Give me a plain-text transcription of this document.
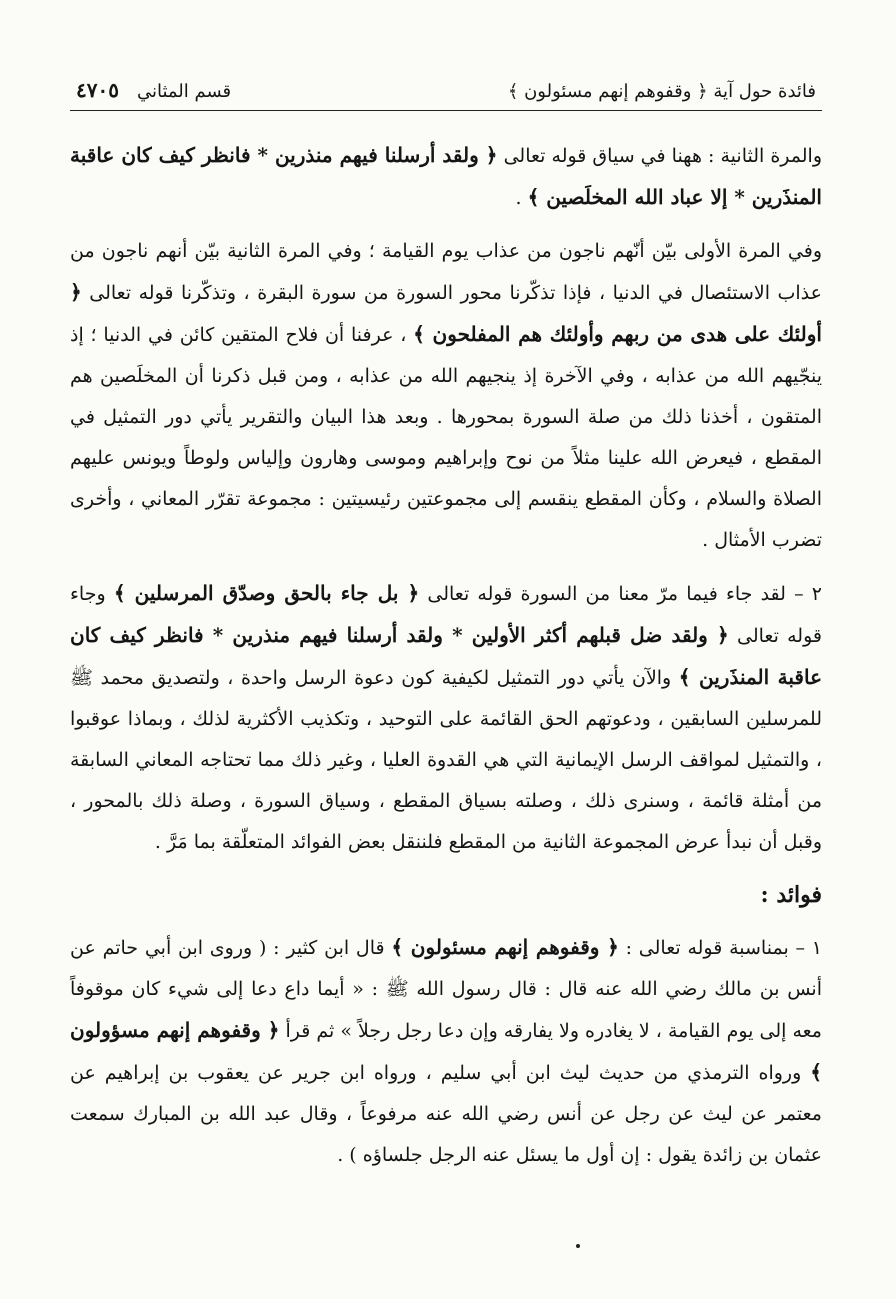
فائدة حول آية ﴿ وقفوهم إنهم مسئولون ﴾
قسم المثاني
٤٧٠٥

والمرة الثانية : ههنا في سياق قوله تعالى ﴿ ولقد أرسلنا فيهم منذرين * فانظر كيف كان عاقبة المنذَرين * إلا عباد الله المخلَصين ﴾ .

وفي المرة الأولى بيّن أنّهم ناجون من عذاب يوم القيامة ؛ وفي المرة الثانية بيّن أنهم ناجون من عذاب الاستئصال في الدنيا ، فإذا تذكّرنا محور السورة من سورة البقرة ، وتذكّرنا قوله تعالى ﴿ أولئك على هدى من ربهم وأولئك هم المفلحون ﴾ ، عرفنا أن فلاح المتقين كائن في الدنيا ؛ إذ ينجّيهم الله من عذابه ، وفي الآخرة إذ ينجيهم الله من عذابه ، ومن قبل ذكرنا أن المخلَصين هم المتقون ، أخذنا ذلك من صلة السورة بمحورها . وبعد هذا البيان والتقرير يأتي دور التمثيل في المقطع ، فيعرض الله علينا مثلاً من نوح وإبراهيم وموسى وهارون وإلياس ولوطاً ويونس عليهم الصلاة والسلام ، وكأن المقطع ينقسم إلى مجموعتين رئيسيتين : مجموعة تقرّر المعاني ، وأخرى تضرب الأمثال .

٢ – لقد جاء فيما مرّ معنا من السورة قوله تعالى ﴿ بل جاء بالحق وصدّق المرسلين ﴾ وجاء قوله تعالى ﴿ ولقد ضل قبلهم أكثر الأولين * ولقد أرسلنا فيهم منذرين * فانظر كيف كان عاقبة المنذَرين ﴾ والآن يأتي دور التمثيل لكيفية كون دعوة الرسل واحدة ، ولتصديق محمد ﷺ للمرسلين السابقين ، ودعوتهم الحق القائمة على التوحيد ، وتكذيب الأكثرية لذلك ، وبماذا عوقبوا ، والتمثيل لمواقف الرسل الإيمانية التي هي القدوة العليا ، وغير ذلك مما تحتاجه المعاني السابقة من أمثلة قائمة ، وسنرى ذلك ، وصلته بسياق المقطع ، وسياق السورة ، وصلة ذلك بالمحور ، وقبل أن نبدأ عرض المجموعة الثانية من المقطع فلننقل بعض الفوائد المتعلّقة بما مَرَّ .

فوائد :

١ – بمناسبة قوله تعالى : ﴿ وقفوهم إنهم مسئولون ﴾ قال ابن كثير : ( وروى ابن أبي حاتم عن أنس بن مالك رضي الله عنه قال : قال رسول الله ﷺ : « أيما داع دعا إلى شيء كان موقوفاً معه إلى يوم القيامة ، لا يغادره ولا يفارقه وإن دعا رجل رجلاً » ثم قرأ ﴿ وقفوهم إنهم مسؤولون ﴾ ورواه الترمذي من حديث ليث ابن أبي سليم ، ورواه ابن جرير عن يعقوب بن إبراهيم عن معتمر عن ليث عن رجل عن أنس رضي الله عنه مرفوعاً ، وقال عبد الله بن المبارك سمعت عثمان بن زائدة يقول : إن أول ما يسئل عنه الرجل جلساؤه ) .
